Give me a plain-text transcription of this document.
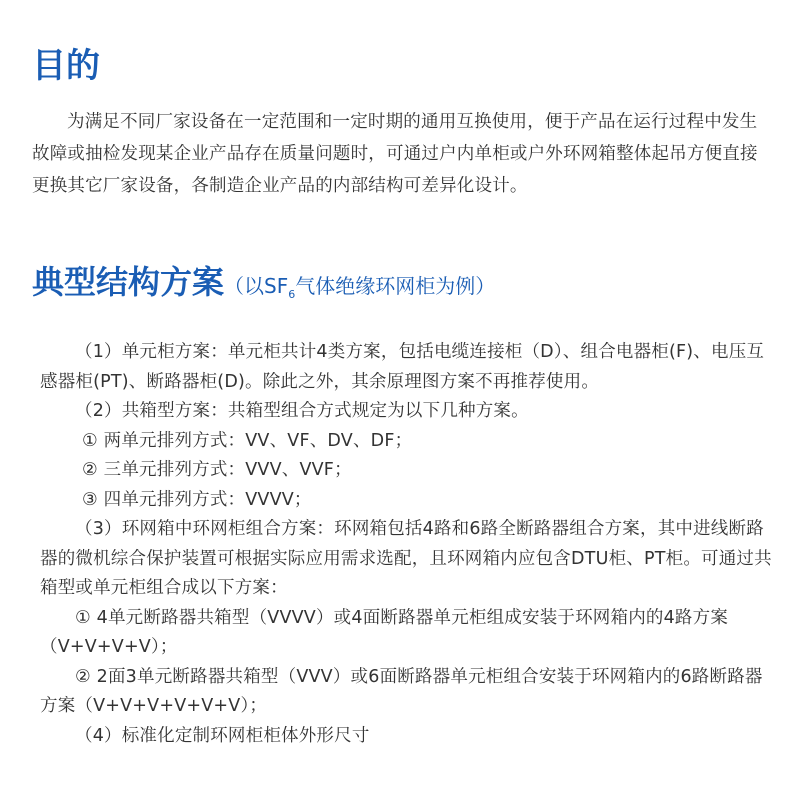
目的

为满足不同厂家设备在一定范围和一定时期的通用互换使用，便于产品在运行过程中发生故障或抽检发现某企业产品存在质量问题时，可通过户内单柜或户外环网箱整体起吊方便直接更换其它厂家设备，各制造企业产品的内部结构可差异化设计。

典型结构方案（以$SF_6$气体绝缘环网柜为例）

（1）单元柜方案：单元柜共计4类方案，包括电缆连接柜（D）、组合电器柜(F)、电压互感器柜(PT)、断路器柜(D)。除此之外，其余原理图方案不再推荐使用。

（2）共箱型方案：共箱型组合方式规定为以下几种方案。

① 两单元排列方式：VV、VF、DV、DF；

② 三单元排列方式：VVV、VVF；

③ 四单元排列方式：VVVV；

（3）环网箱中环网柜组合方案：环网箱包括4路和6路全断路器组合方案，其中进线断路器的微机综合保护装置可根据实际应用需求选配，且环网箱内应包含DTU柜、PT柜。可通过共箱型或单元柜组合成以下方案：

① 4单元断路器共箱型（VVVV）或4面断路器单元柜组成安装于环网箱内的4路方案（V+V+V+V）；

② 2面3单元断路器共箱型（VVV）或6面断路器单元柜组合安装于环网箱内的6路断路器方案（V+V+V+V+V+V）；

（4）标准化定制环网柜柜体外形尺寸
